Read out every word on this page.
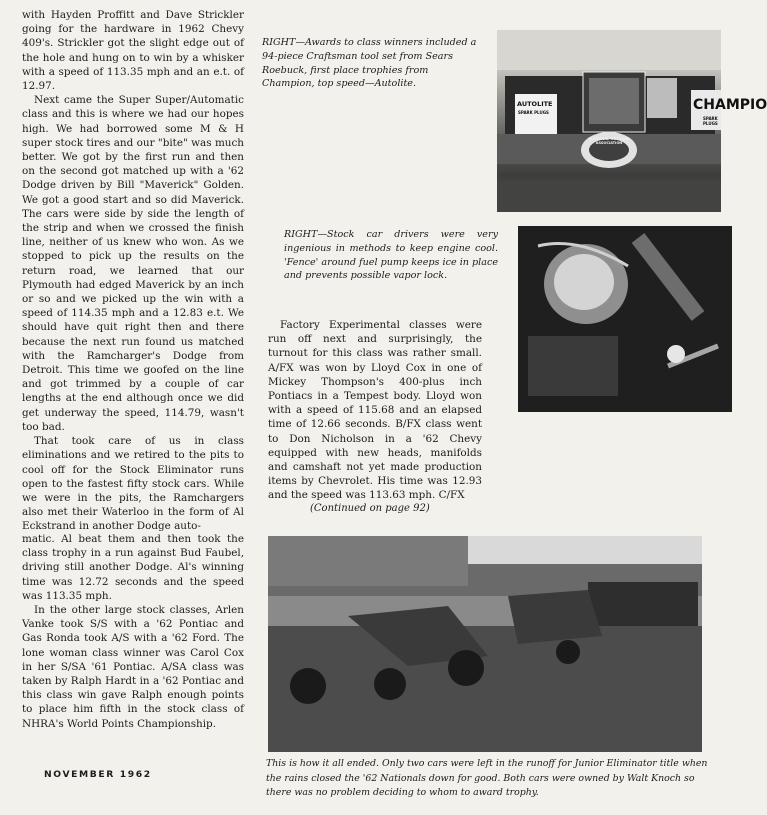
with Hayden Proffitt and Dave Strickler going for the hardware in 1962 Chevy 409's. Strickler got the slight edge out of the hole and hung on to win by a whisker with a speed of 113.35 mph and an e.t. of 12.97.

Next came the Super Super/Automatic class and this is where we had our hopes high. We had borrowed some M & H super stock tires and our "bite" was much better. We got by the first run and then on the second got matched up with a '62 Dodge driven by Bill "Maverick" Golden. We got a good start and so did Maverick. The cars were side by side the length of the strip and when we crossed the finish line, neither of us knew who won. As we stopped to pick up the results on the return road, we learned that our Plymouth had edged Maverick by an inch or so and we picked up the win with a speed of 114.35 mph and a 12.83 e.t. We should have quit right then and there because the next run found us matched with the Ramcharger's Dodge from Detroit. This time we goofed on the line and got trimmed by a couple of car lengths at the end although once we did get underway the speed, 114.79, wasn't too bad.

That took care of us in class eliminations and we retired to the pits to cool off for the Stock Eliminator runs open to the fastest fifty stock cars. While we were in the pits, the Ramchargers also met their Waterloo in the form of Al Eckstrand in another Dodge auto-

matic. Al beat them and then took the class trophy in a run against Bud Faubel, driving still another Dodge. Al's winning time was 12.72 seconds and the speed was 113.35 mph.

In the other large stock classes, Arlen Vanke took S/S with a '62 Pontiac and Gas Ronda took A/S with a '62 Ford. The lone woman class winner was Carol Cox in her S/SA '61 Pontiac. A/SA class was taken by Ralph Hardt in a '62 Pontiac and this class win gave Ralph enough points to place him fifth in the stock class of NHRA's World Points Championship.

RIGHT—Awards to class winners included a 94-piece Craftsman tool set from Sears Roebuck, first place trophies from Champion, top speed—Autolite.
AUTOLITE
SPARK PLUGS	CHAMPIO
SPARK PLUGS
NATIONAL HOT ROD ASSOCIATION
RIGHT—Stock car drivers were very ingenious in methods to keep engine cool. 'Fence' around fuel pump keeps ice in place and prevents possible vapor lock.

Factory Experimental classes were run off next and surprisingly, the turnout for this class was rather small. A/FX was won by Lloyd Cox in one of Mickey Thompson's 400-plus inch Pontiacs in a Tempest body. Lloyd won with a speed of 115.68 and an elapsed time of 12.66 seconds. B/FX class went to Don Nicholson in a '62 Chevy equipped with new heads, manifolds and camshaft not yet made production items by Chevrolet. His time was 12.93 and the speed was 113.63 mph. C/FX

(Continued on page 92)
This is how it all ended. Only two cars were left in the runoff for Junior Eliminator title when the rains closed the '62 Nationals down for good. Both cars were owned by Walt Knoch so there was no problem deciding to whom to award trophy.
NOVEMBER 1962
